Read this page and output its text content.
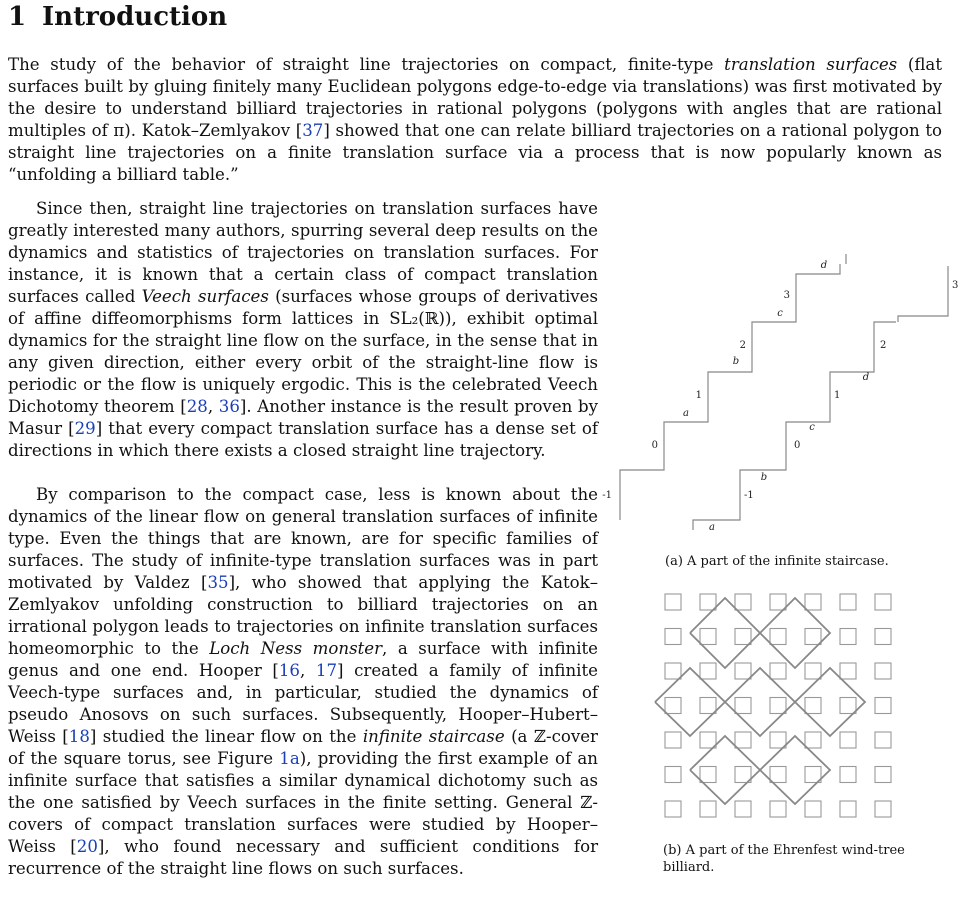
1 Introduction

The study of the behavior of straight line trajectories on compact, finite-type translation surfaces (flat surfaces built by gluing finitely many Euclidean polygons edge-to-edge via translations) was first motivated by the desire to understand billiard trajectories in rational polygons (polygons with angles that are rational multiples of π). Katok–Zemlyakov [37] showed that one can relate billiard trajectories on a rational polygon to straight line trajectories on a finite translation surface via a process that is now popularly known as “unfolding a billiard table.”

Since then, straight line trajectories on translation surfaces have greatly interested many authors, spurring several deep results on the dynamics and statistics of trajectories on translation surfaces. For instance, it is known that a certain class of compact translation surfaces called Veech surfaces (surfaces whose groups of derivatives of affine diffeomorphisms form lattices in SL₂(ℝ)), exhibit optimal dynamics for the straight line flow on the surface, in the sense that in any given direction, either every orbit of the straight-line flow is periodic or the flow is uniquely ergodic. This is the celebrated Veech Dichotomy theorem [28, 36]. Another instance is the result proven by Masur [29] that every compact translation surface has a dense set of directions in which there exists a closed straight line trajectory.

By comparison to the compact case, less is known about the dynamics of the linear flow on general translation surfaces of infinite type. Even the things that are known, are for specific families of surfaces. The study of infinite-type translation surfaces was in part motivated by Valdez [35], who showed that applying the Katok–Zemlyakov unfolding construction to billiard trajectories on an irrational polygon leads to trajectories on infinite translation surfaces homeomorphic to the Loch Ness monster, a surface with infinite genus and one end. Hooper [16, 17] created a family of infinite Veech-type surfaces and, in particular, studied the dynamics of pseudo Anosovs on such surfaces. Subsequently, Hooper–Hubert–Weiss [18] studied the linear flow on the infinite staircase (a ℤ-cover of the square torus, see Figure 1a), providing the first example of an infinite surface that satisfies a similar dynamical dichotomy such as the one satisfied by Veech surfaces in the finite setting. General ℤ-covers of compact translation surfaces were studied by Hooper–Weiss [20], who found necessary and sufficient conditions for recurrence of the straight line flows on such surfaces.

-1
0
1
2
3
a
b
c
d
-1
0
1
2
3
a
b
c
d

(a) A part of the infinite staircase.

(b) A part of the Ehrenfest wind-tree billiard.
